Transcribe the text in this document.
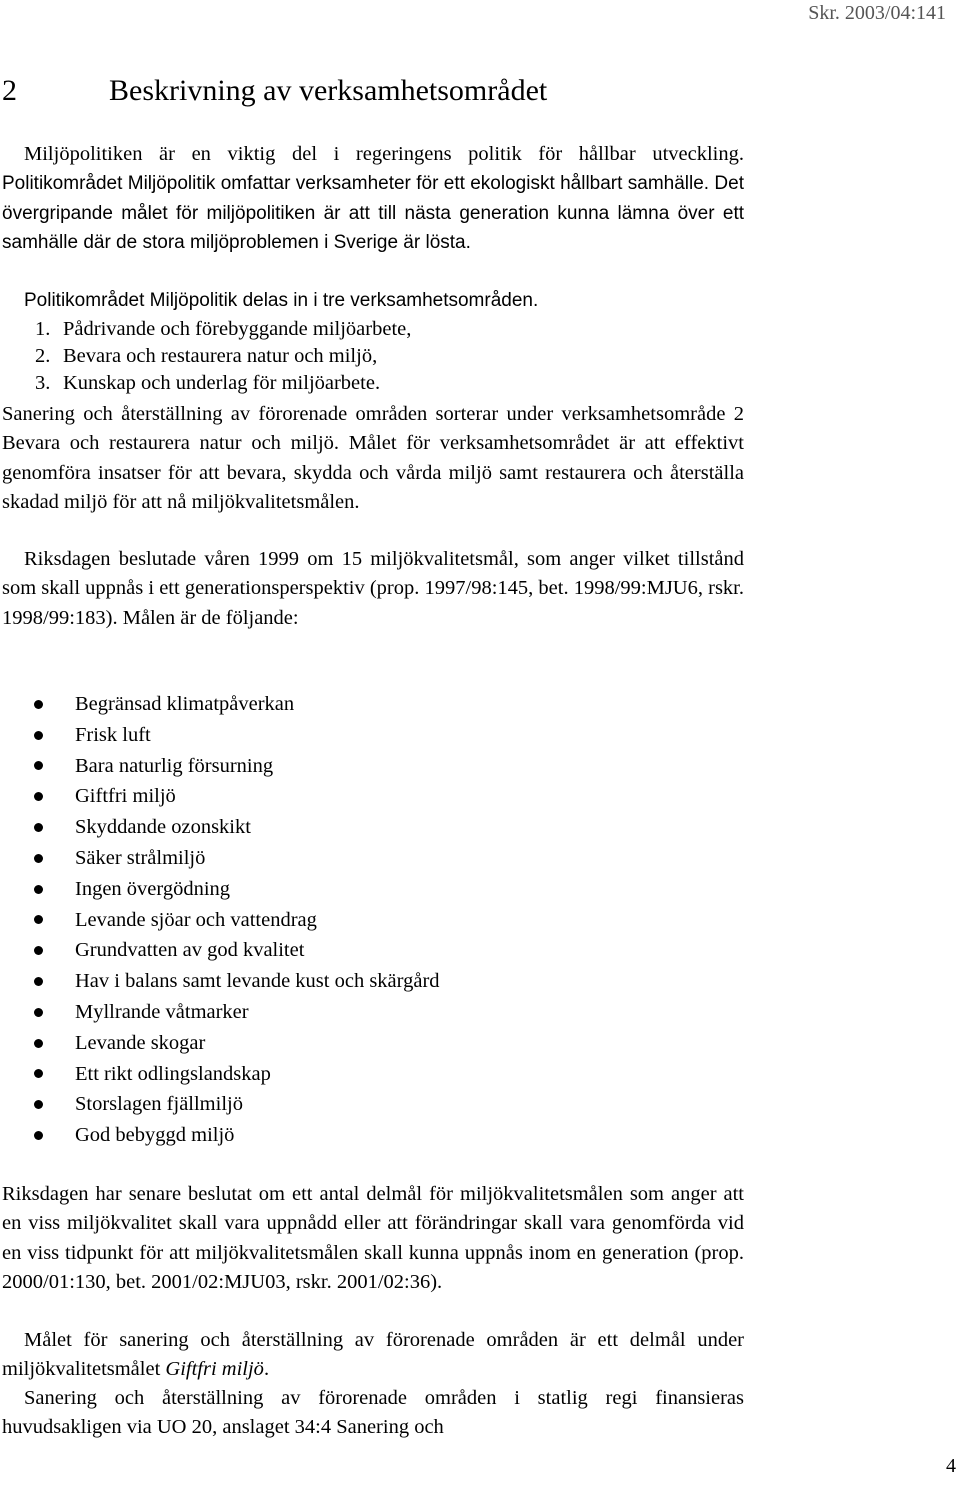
Skr. 2003/04:141
2	Beskrivning av verksamhetsområdet

Miljöpolitiken är en viktig del i regeringens politik för hållbar utveckling. Politikområdet Miljöpolitik omfattar verksamheter för ett ekologiskt hållbart samhälle. Det övergripande målet för miljöpolitiken är att till nästa generation kunna lämna över ett samhälle där de stora miljöproblemen i Sverige är lösta.

Politikområdet Miljöpolitik delas in i tre verksamhetsområden.

1. Pådrivande och förebyggande miljöarbete,
2. Bevara och restaurera natur och miljö,
3. Kunskap och underlag för miljöarbete.

Sanering och återställning av förorenade områden sorterar under verksamhetsområde 2 Bevara och restaurera natur och miljö. Målet för verksamhetsområdet är att effektivt genomföra insatser för att bevara, skydda och vårda miljö samt restaurera och återställa skadad miljö för att nå miljökvalitetsmålen.

Riksdagen beslutade våren 1999 om 15 miljökvalitetsmål, som anger vilket tillstånd som skall uppnås i ett generationsperspektiv (prop. 1997/98:145, bet. 1998/99:MJU6, rskr. 1998/99:183). Målen är de följande:

Begränsad klimatpåverkan
Frisk luft
Bara naturlig försurning
Giftfri miljö
Skyddande ozonskikt
Säker strålmiljö
Ingen övergödning
Levande sjöar och vattendrag
Grundvatten av god kvalitet
Hav i balans samt levande kust och skärgård
Myllrande våtmarker
Levande skogar
Ett rikt odlingslandskap
Storslagen fjällmiljö
God bebyggd miljö

Riksdagen har senare beslutat om ett antal delmål för miljökvalitetsmålen som anger att en viss miljökvalitet skall vara uppnådd eller att förändringar skall vara genomförda vid en viss tidpunkt för att miljökvalitetsmålen skall kunna uppnås inom en generation (prop. 2000/01:130, bet. 2001/02:MJU03, rskr. 2001/02:36).

Målet för sanering och återställning av förorenade områden är ett delmål under miljökvalitetsmålet Giftfri miljö.

Sanering och återställning av förorenade områden i statlig regi finansieras huvudsakligen via UO 20, anslaget 34:4 Sanering och

4
